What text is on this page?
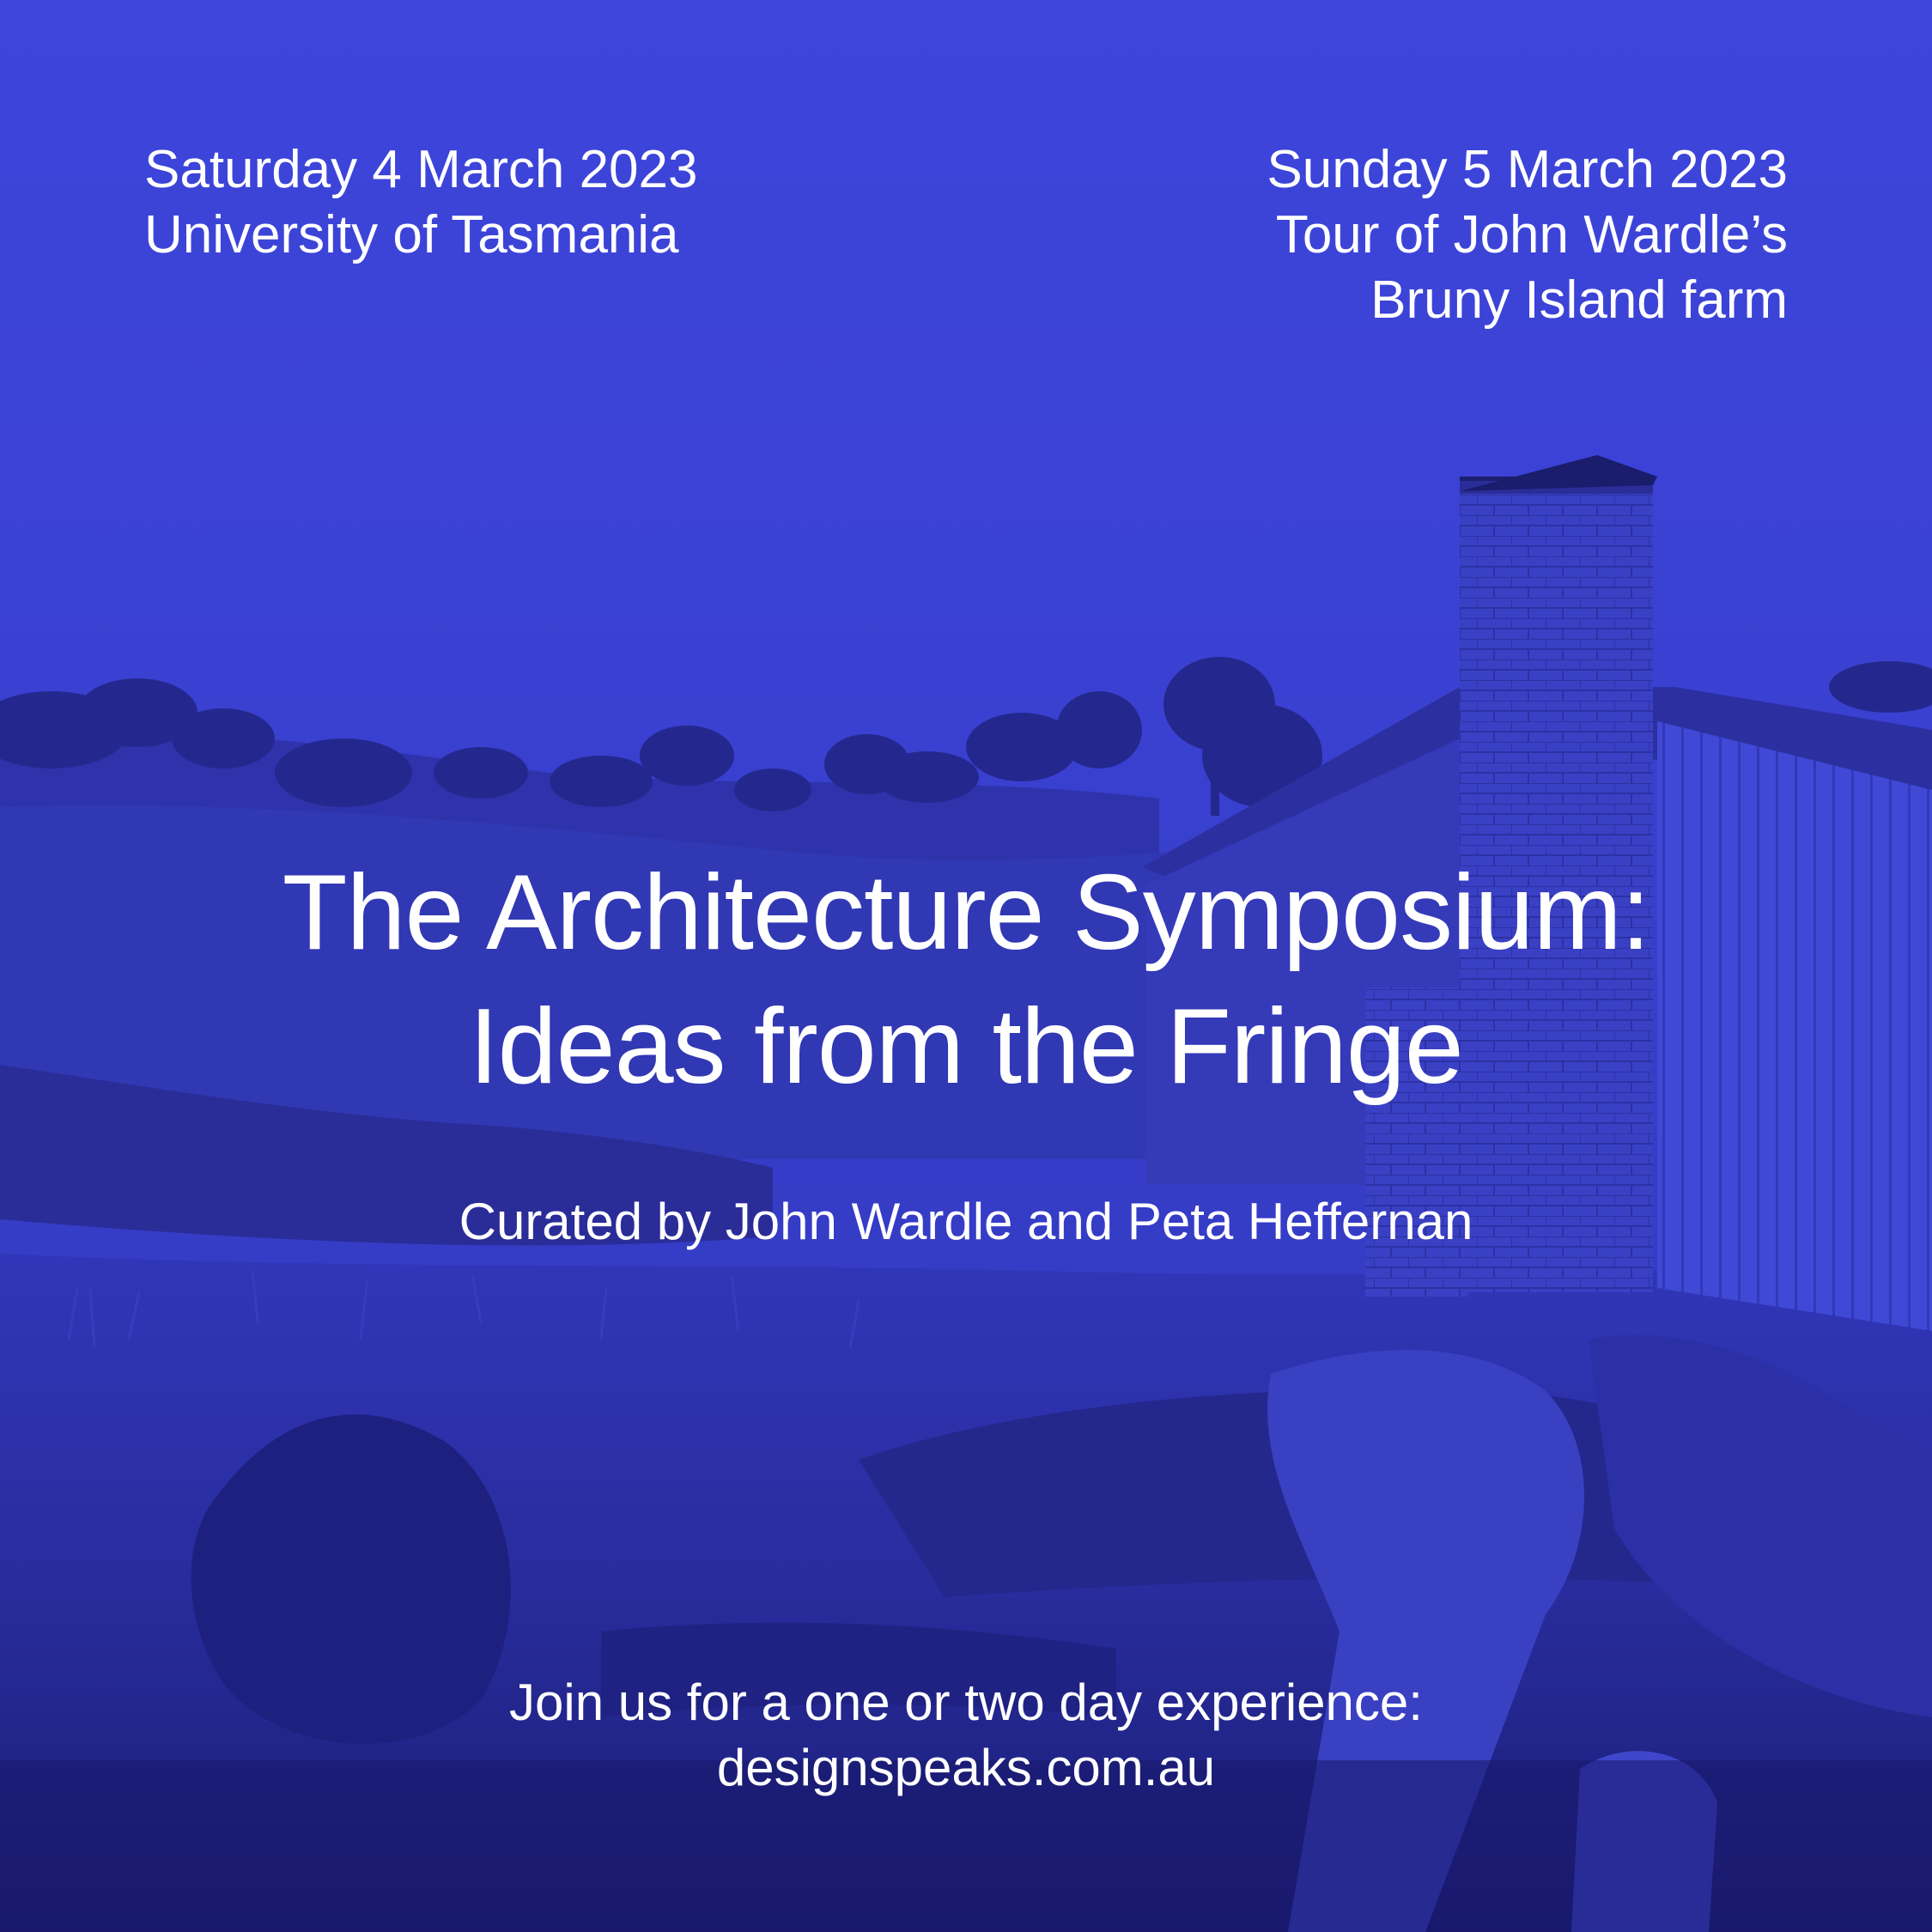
Saturday 4 March 2023
University of Tasmania

Sunday 5 March 2023
Tour of John Wardle’s
Bruny Island farm

The Architecture Symposium:
Ideas from the Fringe

Curated by John Wardle and Peta Heffernan

Join us for a one or two day experience:
designspeaks.com.au
